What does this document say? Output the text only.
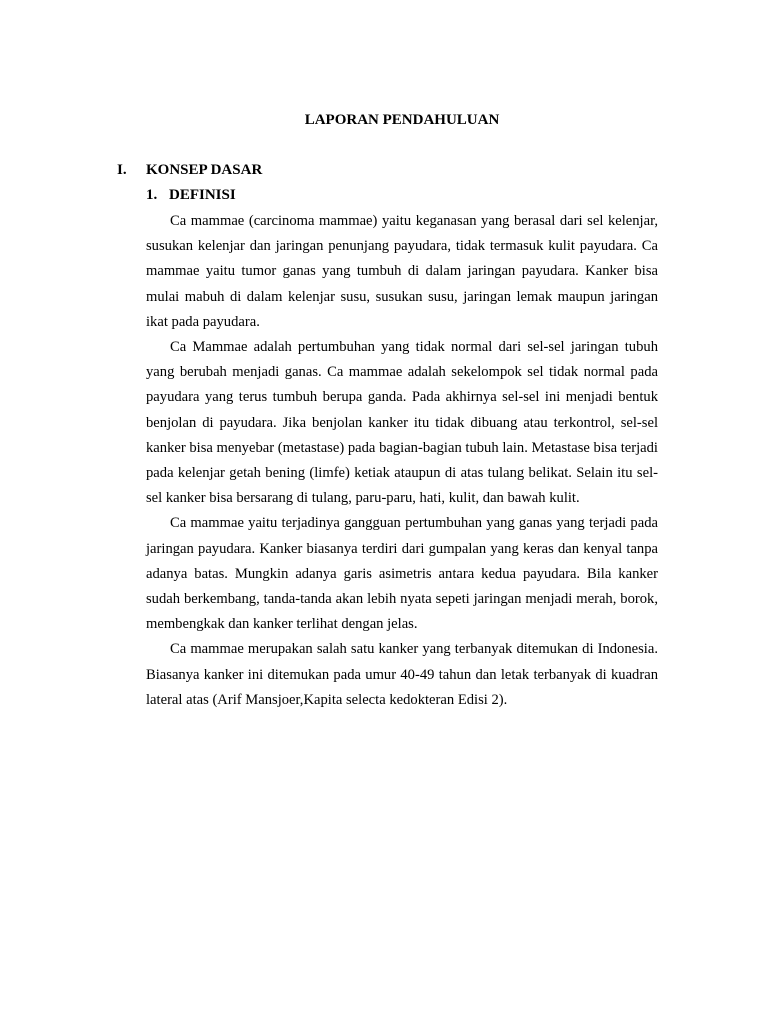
LAPORAN PENDAHULUAN
I. KONSEP DASAR
1. DEFINISI

Ca mammae (carcinoma mammae) yaitu keganasan yang berasal dari sel kelenjar, susukan kelenjar dan jaringan penunjang payudara, tidak termasuk kulit payudara. Ca mammae yaitu tumor ganas yang tumbuh di dalam jaringan payudara. Kanker bisa mulai mabuh di dalam kelenjar susu, susukan susu, jaringan lemak maupun jaringan ikat pada payudara.

Ca Mammae adalah pertumbuhan yang tidak normal dari sel-sel jaringan tubuh yang berubah menjadi ganas. Ca mammae adalah sekelompok sel tidak normal pada payudara yang terus tumbuh berupa ganda. Pada akhirnya sel-sel ini menjadi bentuk benjolan di payudara. Jika benjolan kanker itu tidak dibuang atau terkontrol, sel-sel kanker bisa menyebar (metastase) pada bagian-bagian tubuh lain. Metastase bisa terjadi pada kelenjar getah bening (limfe) ketiak ataupun di atas tulang belikat. Selain itu sel-sel kanker bisa bersarang di tulang, paru-paru, hati, kulit, dan bawah kulit.

Ca mammae yaitu terjadinya gangguan pertumbuhan yang ganas yang terjadi pada jaringan payudara. Kanker biasanya terdiri dari gumpalan yang keras dan kenyal tanpa adanya batas. Mungkin adanya garis asimetris antara kedua payudara. Bila kanker sudah berkembang, tanda-tanda akan lebih nyata sepeti jaringan menjadi merah, borok, membengkak dan kanker terlihat dengan jelas.

Ca mammae merupakan salah satu kanker yang terbanyak ditemukan di Indonesia. Biasanya kanker ini ditemukan pada umur 40-49 tahun dan letak terbanyak di kuadran lateral atas (Arif Mansjoer,Kapita selecta kedokteran Edisi 2).
